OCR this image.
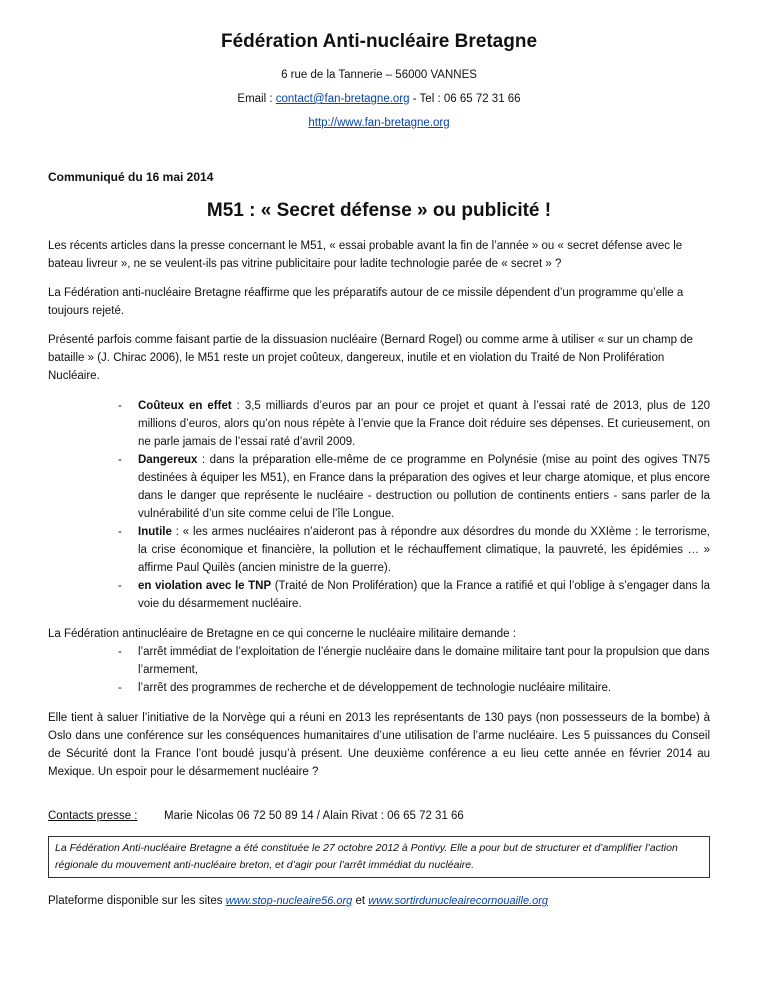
Fédération Anti-nucléaire Bretagne
6 rue de la Tannerie – 56000 VANNES
Email : contact@fan-bretagne.org - Tel : 06 65 72 31 66
http://www.fan-bretagne.org
Communiqué du 16 mai 2014
M51 : « Secret défense » ou publicité !

Les récents articles dans la presse concernant le M51, « essai probable avant la fin de l’année » ou « secret défense avec le bateau livreur », ne se veulent-ils pas vitrine publicitaire pour ladite technologie parée de « secret » ?

La Fédération anti-nucléaire Bretagne réaffirme que les préparatifs autour de ce missile dépendent d’un programme qu’elle a toujours rejeté.

Présenté parfois comme faisant partie de la dissuasion nucléaire (Bernard Rogel) ou comme arme à utiliser « sur un champ de bataille » (J. Chirac 2006), le M51 reste un projet coûteux, dangereux, inutile et en violation du Traité de Non Prolifération Nucléaire.

- Coûteux en effet : 3,5 milliards d’euros par an pour ce projet et quant à l’essai raté de 2013, plus de 120 millions d’euros, alors qu’on nous répète à l’envie que la France doit réduire ses dépenses. Et curieusement, on ne parle jamais de l’essai raté d’avril 2009.
- Dangereux : dans la préparation elle-même de ce programme en Polynésie (mise au point des ogives TN75 destinées à équiper les M51), en France dans la préparation des ogives et leur charge atomique, et plus encore dans le danger que représente le nucléaire - destruction ou pollution de continents entiers - sans parler de la vulnérabilité d’un site comme celui de l’île Longue.
- Inutile : « les armes nucléaires n’aideront pas à répondre aux désordres du monde du XXIème : le terrorisme, la crise économique et financière, la pollution et le réchauffement climatique, la pauvreté, les épidémies … » affirme Paul Quilès (ancien ministre de la guerre).
- en violation avec le TNP (Traité de Non Prolifération) que la France a ratifié et qui l’oblige à s’engager dans la voie du désarmement nucléaire.

La Fédération antinucléaire de Bretagne en ce qui concerne le nucléaire militaire demande :

- l’arrêt immédiat de l’exploitation de l’énergie nucléaire dans le domaine militaire tant pour la propulsion que dans l’armement,
- l’arrêt des programmes de recherche et de développement de technologie nucléaire militaire.

Elle tient à saluer l’initiative de la Norvège qui a réuni en 2013 les représentants de 130 pays (non possesseurs de la bombe) à Oslo dans une conférence sur les conséquences humanitaires d’une utilisation de l’arme nucléaire. Les 5 puissances du Conseil de Sécurité dont la France l’ont boudé jusqu’à présent. Une deuxième conférence a eu lieu cette année en février 2014 au Mexique. Un espoir pour le désarmement nucléaire ?

Contacts presse : Marie Nicolas 06 72 50 89 14 / Alain Rivat : 06 65 72 31 66
La Fédération Anti-nucléaire Bretagne a été constituée le 27 octobre 2012 à Pontivy. Elle a pour but de structurer et d’amplifier l’action régionale du mouvement anti-nucléaire breton, et d’agir pour l’arrêt immédiat du nucléaire.
Plateforme disponible sur les sites www.stop-nucleaire56.org et www.sortirdunucleairecornouaille.org
